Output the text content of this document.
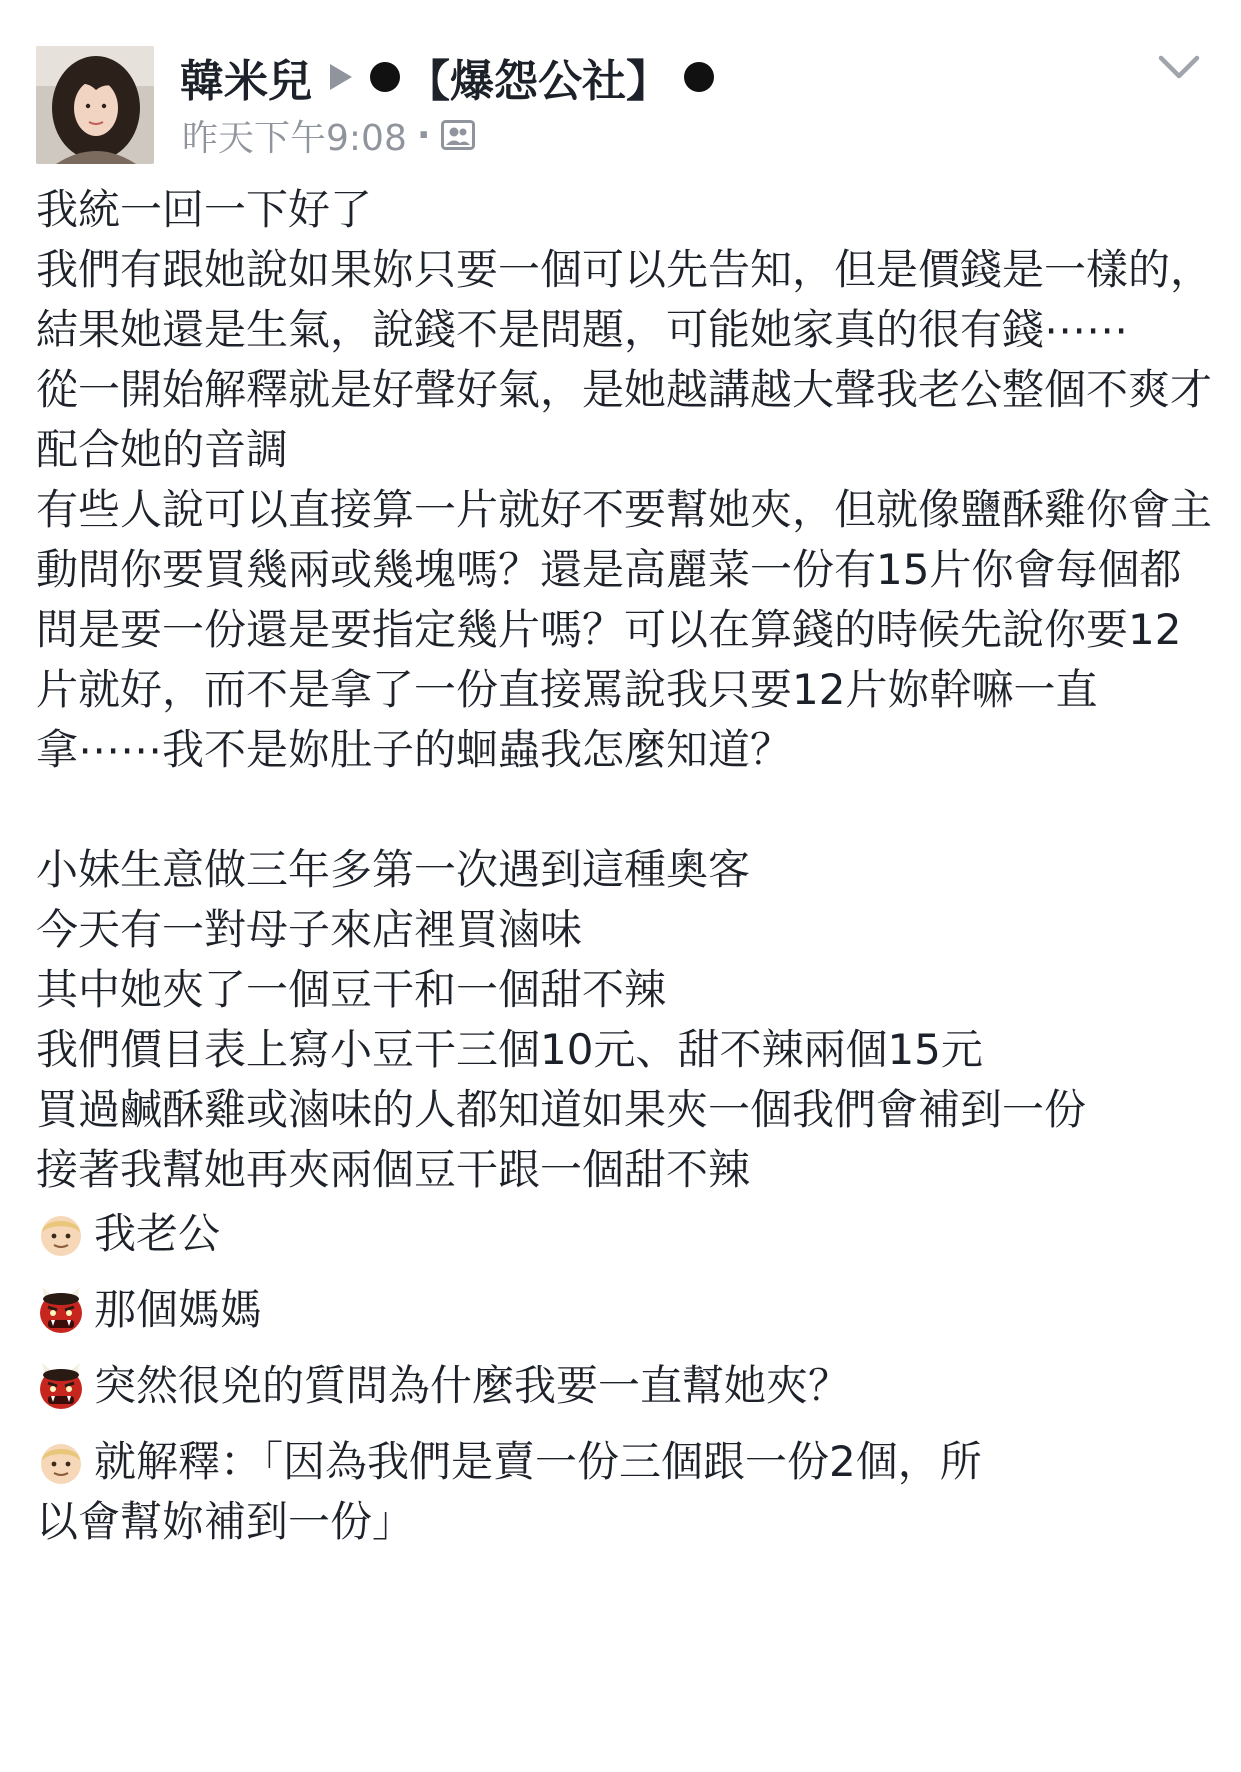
韓米兒 【爆怨公社】
昨天下午9:08 ·

我統一回一下好了

我們有跟她說如果妳只要一個可以先告知，但是價錢是一樣的，結果她還是生氣，說錢不是問題，可能她家真的很有錢⋯⋯

從一開始解釋就是好聲好氣，是她越講越大聲我老公整個不爽才配合她的音調

有些人說可以直接算一片就好不要幫她夾，但就像鹽酥雞你會主動問你要買幾兩或幾塊嗎？還是高麗菜一份有15片你會每個都問是要一份還是要指定幾片嗎？可以在算錢的時候先說你要12片就好，而不是拿了一份直接罵說我只要12片妳幹嘛一直拿⋯⋯我不是妳肚子的蛔蟲我怎麼知道？

小妹生意做三年多第一次遇到這種奧客

今天有一對母子來店裡買滷味

其中她夾了一個豆干和一個甜不辣

我們價目表上寫小豆干三個10元、甜不辣兩個15元

買過鹹酥雞或滷味的人都知道如果夾一個我們會補到一份

接著我幫她再夾兩個豆干跟一個甜不辣

我老公
那個媽媽
突然很兇的質問為什麼我要一直幫她夾？
就解釋：「因為我們是賣一份三個跟一份2個，所

以會幫妳補到一份」
